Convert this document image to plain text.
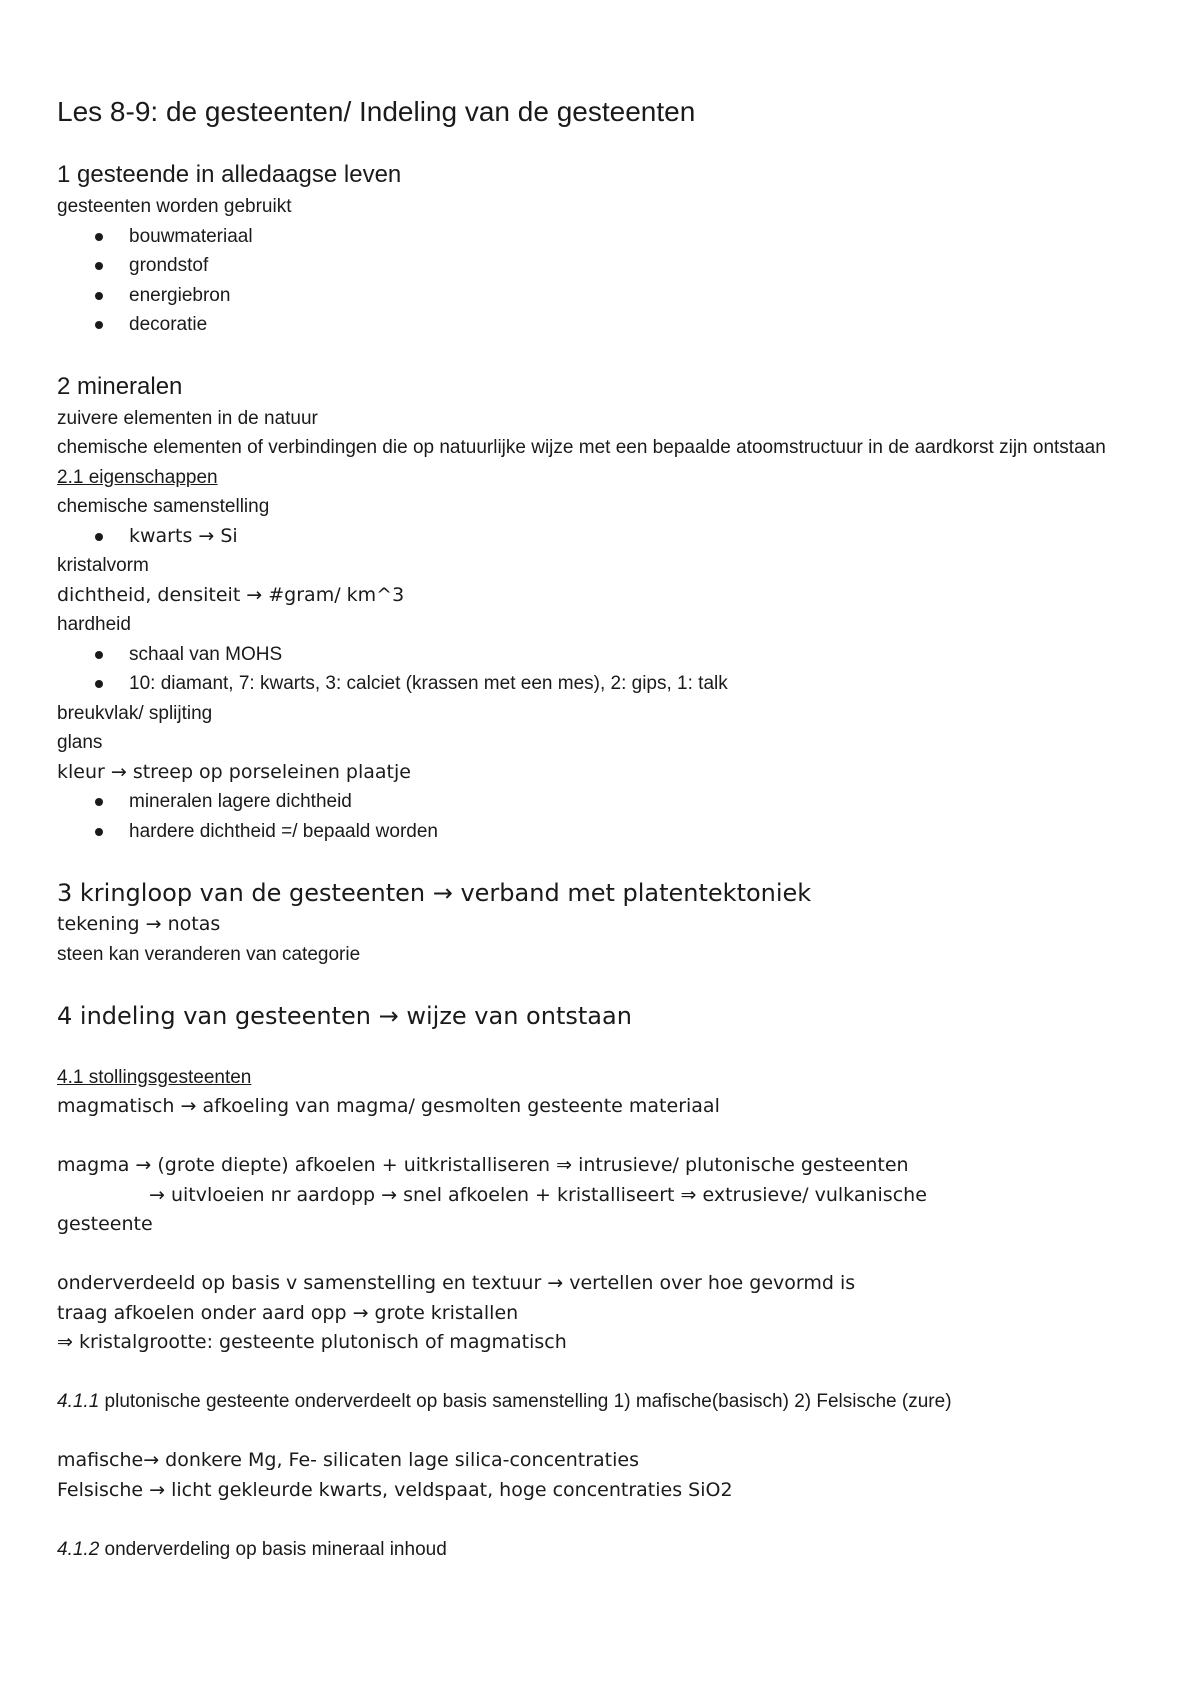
Les 8-9: de gesteenten/ Indeling van de gesteenten
1 gesteende in alledaagse leven
gesteenten worden gebruikt
bouwmateriaal
grondstof
energiebron
decoratie
2 mineralen
zuivere elementen in de natuur
chemische elementen of verbindingen die op natuurlijke wijze met een bepaalde atoomstructuur in de aardkorst zijn ontstaan
2.1 eigenschappen
chemische samenstelling
kwarts → Si
kristalvorm
dichtheid, densiteit → #gram/ km^3
hardheid
schaal van MOHS
10: diamant, 7: kwarts, 3: calciet (krassen met een mes), 2: gips, 1: talk
breukvlak/ splijting
glans
kleur → streep op porseleinen plaatje
mineralen lagere dichtheid
hardere dichtheid =/ bepaald worden
3 kringloop van de gesteenten → verband met platentektoniek
tekening → notas
steen kan veranderen van categorie
4 indeling van gesteenten → wijze van ontstaan

4.1 stollingsgesteenten
magmatisch → afkoeling van magma/ gesmolten gesteente materiaal

magma → (grote diepte) afkoelen + uitkristalliseren ⇒ intrusieve/ plutonische gesteenten
→ uitvloeien nr aardopp → snel afkoelen + kristalliseert ⇒ extrusieve/ vulkanische
gesteente

onderverdeeld op basis v samenstelling en textuur → vertellen over hoe gevormd is
traag afkoelen onder aard opp → grote kristallen
⇒ kristalgrootte: gesteente plutonisch of magmatisch

4.1.1 plutonische gesteente onderverdeelt op basis samenstelling 1) mafische(basisch) 2) Felsische (zure)

mafische→ donkere Mg, Fe- silicaten lage silica-concentraties
Felsische → licht gekleurde kwarts, veldspaat, hoge concentraties SiO2

4.1.2 onderverdeling op basis mineraal inhoud
